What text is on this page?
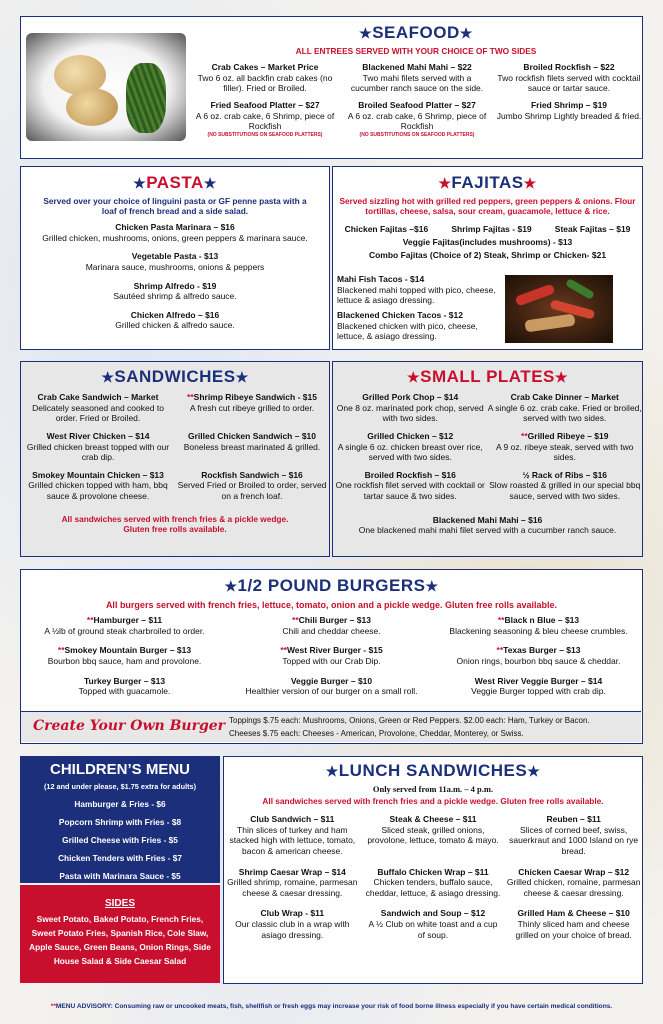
★SEAFOOD★
ALL ENTREES SERVED WITH YOUR CHOICE OF TWO SIDES
Crab Cakes – Market Price
Two 6 oz. all backfin crab cakes (no filler). Fried or Broiled.
Blackened Mahi Mahi – $22
Two mahi filets served with a cucumber ranch sauce on the side.
Broiled Rockfish – $22
Two rockfish filets served with cocktail sauce or tartar sauce.
Fried Seafood Platter – $27
A 6 oz. crab cake, 6 Shrimp, piece of Rockfish
(NO SUBSTITUTIONS ON SEAFOOD PLATTERS)
Broiled Seafood Platter – $27
A 6 oz. crab cake, 6 Shrimp, piece of Rockfish
(NO SUBSTITUTIONS ON SEAFOOD PLATTERS)
Fried Shrimp – $19
Jumbo Shrimp Lightly breaded & fried.
★PASTA★
Served over your choice of linguini pasta or GF penne pasta with a loaf of french bread and a side salad.
Chicken Pasta Marinara – $16
Grilled chicken, mushrooms, onions, green peppers & marinara sauce.
Vegetable Pasta - $13
Marinara sauce, mushrooms, onions & peppers
Shrimp Alfredo - $19
Sautéed shrimp & alfredo sauce.
Chicken Alfredo – $16
Grilled chicken & alfredo sauce.
★FAJITAS★
Served sizzling hot with grilled red peppers, green peppers & onions. Flour tortillas, cheese, salsa, sour cream, guacamole, lettuce & rice.
Chicken Fajitas –$16	Shrimp Fajitas - $19	Steak Fajitas – $19
Veggie Fajitas(includes mushrooms) - $13
Combo Fajitas (Choice of 2) Steak, Shrimp or Chicken- $21
Mahi Fish Tacos - $14
Blackened mahi topped with pico, cheese, lettuce & asiago dressing.
Blackened Chicken Tacos - $12
Blackened chicken with pico, cheese, lettuce, & asiago dressing.
★SANDWICHES★
Crab Cake Sandwich – Market
Delicately seasoned and cooked to order. Fried or Broiled.
**Shrimp Ribeye Sandwich - $15
A fresh cut ribeye grilled to order.
West River Chicken – $14
Grilled chicken breast topped with our crab dip.
Grilled Chicken Sandwich – $10
Boneless breast marinated & grilled.
Smokey Mountain Chicken – $13
Grilled chicken topped with ham, bbq sauce & provolone cheese.
Rockfish Sandwich – $16
Served Fried or Broiled to order, served on a french loaf.
All sandwiches served with french fries & a pickle wedge. Gluten free rolls available.
★SMALL PLATES★
Grilled Pork Chop – $14
One 8 oz. marinated pork chop, served with two sides.
Crab Cake Dinner – Market
A single 6 oz. crab cake. Fried or broiled, served with two sides.
Grilled Chicken – $12
A single 6 oz. chicken breast over rice, served with two sides.
**Grilled Ribeye – $19
A 9 oz. ribeye steak, served with two sides.
Broiled Rockfish – $16
One rockfish filet served with cocktail or tartar sauce & two sides.
½ Rack of Ribs – $16
Slow roasted & grilled in our special bbq sauce, served with two sides.
Blackened Mahi Mahi – $16
One blackened mahi mahi filet served with a cucumber ranch sauce.
★1/2 POUND BURGERS★
All burgers served with french fries, lettuce, tomato, onion and a pickle wedge. Gluten free rolls available.
**Hamburger – $11
A ½lb of ground steak charbroiled to order.
**Chili Burger – $13
Chili and cheddar cheese.
**Black n Blue – $13
Blackening seasoning & bleu cheese crumbles.
**Smokey Mountain Burger – $13
Bourbon bbq sauce, ham and provolone.
**West River Burger - $15
Topped with our Crab Dip.
**Texas Burger – $13
Onion rings, bourbon bbq sauce & cheddar.
Turkey Burger – $13
Topped with guacamole.
Veggie Burger – $10
Healthier version of our burger on a small roll.
West River Veggie Burger – $14
Veggie Burger topped with crab dip.
Create Your Own Burger Toppings $.75 each: Mushrooms, Onions, Green or Red Peppers. $2.00 each: Ham, Turkey or Bacon.
Cheeses $.75 each: Cheeses - American, Provolone, Cheddar, Monterey, or Swiss.
CHILDREN’S MENU
(12 and under please, $1.75 extra for adults)
Hamburger & Fries - $6
Popcorn Shrimp with Fries - $8
Grilled Cheese with Fries - $5
Chicken Tenders with Fries - $7
Pasta with Marinara Sauce - $5
SIDES
Sweet Potato, Baked Potato, French Fries, Sweet Potato Fries, Spanish Rice, Cole Slaw, Apple Sauce, Green Beans, Onion Rings, Side House Salad & Side Caesar Salad
★LUNCH SANDWICHES★
Only served from 11a.m. – 4 p.m.
All sandwiches served with french fries and a pickle wedge. Gluten free rolls available.
Club Sandwich – $11
Thin slices of turkey and ham stacked high with lettuce, tomato, bacon & american cheese.
Steak & Cheese – $11
Sliced steak, grilled onions, provolone, lettuce, tomato & mayo.
Reuben – $11
Slices of corned beef, swiss, sauerkraut and 1000 Island on rye bread.
Shrimp Caesar Wrap – $14
Grilled shrimp, romaine, parmesan cheese & caesar dressing.
Buffalo Chicken Wrap – $11
Chicken tenders, buffalo sauce, cheddar, lettuce, & asiago dressing.
Chicken Caesar Wrap – $12
Grilled chicken, romaine, parmesan cheese & caesar dressing.
Club Wrap - $11
Our classic club in a wrap with asiago dressing.
Sandwich and Soup – $12
A ½ Club on white toast and a cup of soup.
Grilled Ham & Cheese – $10
Thinly sliced ham and cheese grilled on your choice of bread.
**MENU ADVISORY: Consuming raw or uncooked meats, fish, shellfish or fresh eggs may increase your risk of food borne illness especially if you have certain medical conditions.
